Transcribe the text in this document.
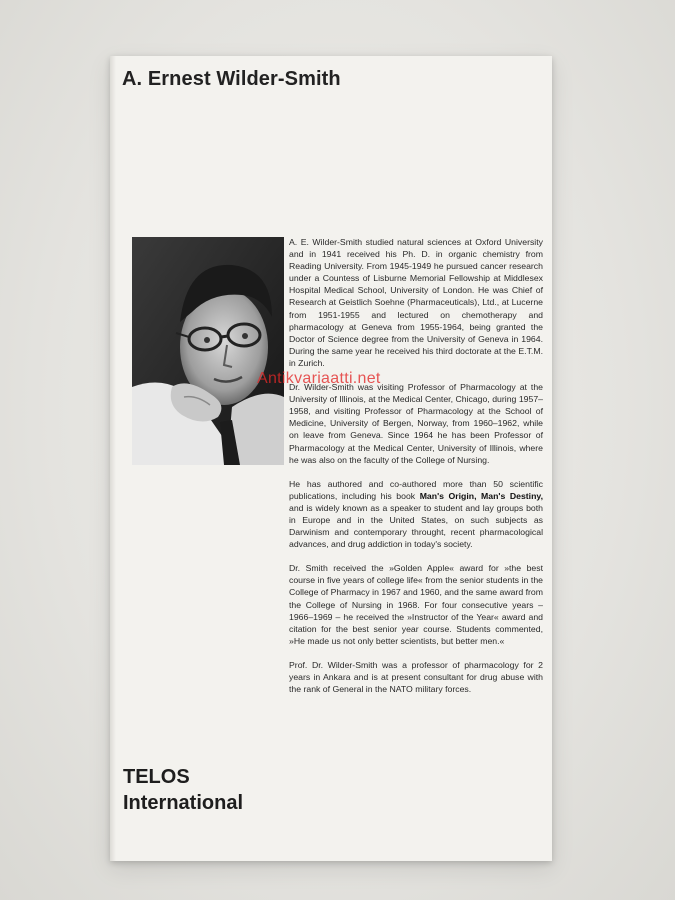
A. Ernest Wilder-Smith

A. E. Wilder-Smith studied natural sciences at Oxford University and in 1941 received his Ph. D. in organic chemistry from Reading University. From 1945-1949 he pursued cancer research under a Countess of Lisburne Memorial Fellowship at Middlesex Hospital Medical School, University of London. He was Chief of Research at Geistlich Soehne (Pharmaceuticals), Ltd., at Lucerne from 1951-1955 and lectured on chemotherapy and pharmacology at Geneva from 1955-1964, being granted the Doctor of Science degree from the University of Geneva in 1964. During the same year he received his third doctorate at the E.T.M. in Zurich.

Dr. Wilder-Smith was visiting Professor of Pharmacology at the University of Illinois, at the Medical Center, Chicago, during 1957–1958, and visiting Professor of Pharmacology at the School of Medicine, University of Bergen, Norway, from 1960–1962, while on leave from Geneva. Since 1964 he has been Professor of Pharmacology at the Medical Center, University of Illinois, where he was also on the faculty of the College of Nursing.

He has authored and co-authored more than 50 scientific publications, including his book Man's Origin, Man's Destiny, and is widely known as a speaker to student and lay groups both in Europe and in the United States, on such subjects as Darwinism and contemporary throught, recent pharmacological advances, and drug addiction in today's society.

Dr. Smith received the »Golden Apple« award for »the best course in five years of college life« from the senior students in the College of Pharmacy in 1967 and 1960, and the same award from the College of Nursing in 1968. For four consecutive years – 1966–1969 – he received the »Instructor of the Year« award and citation for the best senior year course. Students commented, »He made us not only better scientists, but better men.«

Prof. Dr. Wilder-Smith was a professor of pharmacology for 2 years in Ankara and is at present consultant for drug abuse with the rank of General in the NATO military forces.

TELOS
International
Antikvariaatti.net
